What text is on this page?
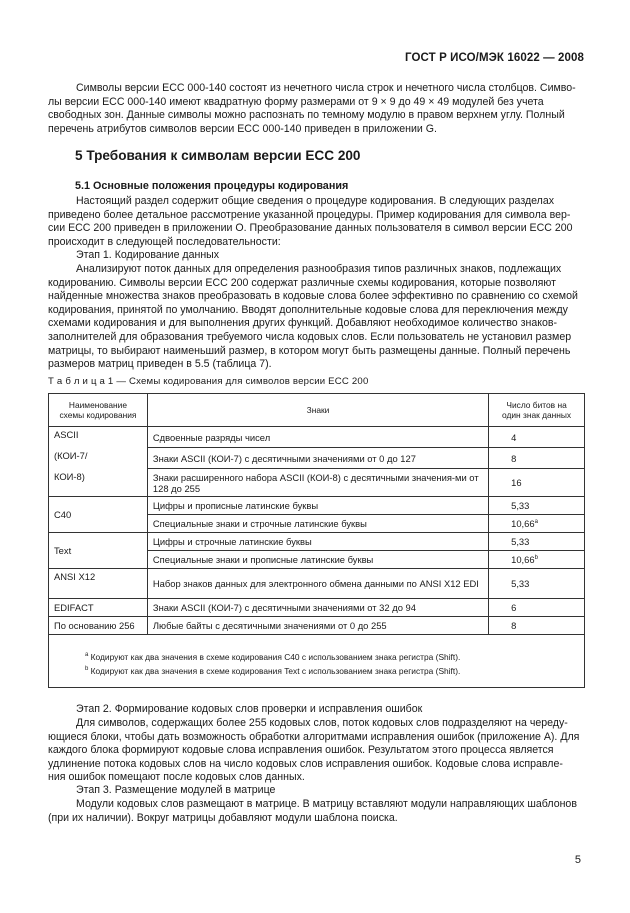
ГОСТ Р ИСО/МЭК 16022 — 2008

Символы версии ECC 000-140 состоят из нечетного числа строк и нечетного числа столбцов. Симво-
лы версии ECC 000-140 имеют квадратную форму размерами от 9 × 9 до 49 × 49 модулей без учета
свободных зон. Данные символы можно распознать по темному модулю в правом верхнем углу. Полный
перечень атрибутов символов версии ECC 000-140 приведен в приложении G.

5 Требования к символам версии ECC 200
5.1 Основные положения процедуры кодирования

Настоящий раздел содержит общие сведения о процедуре кодирования. В следующих разделах
приведено более детальное рассмотрение указанной процедуры. Пример кодирования для символа вер-
сии ECC 200 приведен в приложении O. Преобразование данных пользователя в символ версии ECC 200
происходит в следующей последовательности:

Этап 1. Кодирование данных

Анализируют поток данных для определения разнообразия типов различных знаков, подлежащих
кодированию. Символы версии ECC 200 содержат различные схемы кодирования, которые позволяют
найденные множества знаков преобразовать в кодовые слова более эффективно по сравнению со схемой
кодирования, принятой по умолчанию. Вводят дополнительные кодовые слова для переключения между
схемами кодирования и для выполнения других функций. Добавляют необходимое количество знаков-
заполнителей для образования требуемого числа кодовых слов. Если пользователь не установил размер
матрицы, то выбирают наименьший размер, в котором могут быть размещены данные. Полный перечень
размеров матриц приведен в 5.5 (таблица 7).

Т а б л и ц а 1 — Схемы кодирования для символов версии ECC 200

Наименование
схемы кодирования	Знаки	Число битов на
один знак данных
ASCII	Сдвоенные разряды чисел	4
(КОИ-7/	Знаки ASCII (КОИ-7) с десятичными значениями от 0 до 127	8
КОИ-8)	Знаки расширенного набора ASCII (КОИ-8) с десятичными значения-ми от 128 до 255	16
C40	Цифры и прописные латинские буквы	5,33
	Специальные знаки и строчные латинские буквы	10,66$^a$
Text	Цифры и строчные латинские буквы	5,33
	Специальные знаки и прописные латинские буквы	10,66$^b$
ANSI X12	Набор знаков данных для электронного обмена данными по ANSI X12 EDI	5,33
EDIFACT	Знаки ASCII (КОИ-7) с десятичными значениями от 32 до 94	6
По основанию 256	Любые байты с десятичными значениями от 0 до 255	8

$^a$ Кодируют как два значения в схеме кодирования C40 с использованием знака регистра (Shift).
$^b$ Кодируют как два значения в схеме кодирования Text с использованием знака регистра (Shift).		

Этап 2. Формирование кодовых слов проверки и исправления ошибок

Для символов, содержащих более 255 кодовых слов, поток кодовых слов подразделяют на череду-
ющиеся блоки, чтобы дать возможность обработки алгоритмами исправления ошибок (приложение A). Для
каждого блока формируют кодовые слова исправления ошибок. Результатом этого процесса является
удлинение потока кодовых слов на число кодовых слов исправления ошибок. Кодовые слова исправле-
ния ошибок помещают после кодовых слов данных.

Этап 3. Размещение модулей в матрице

Модули кодовых слов размещают в матрице. В матрицу вставляют модули направляющих шаблонов
(при их наличии). Вокруг матрицы добавляют модули шаблона поиска.

5
